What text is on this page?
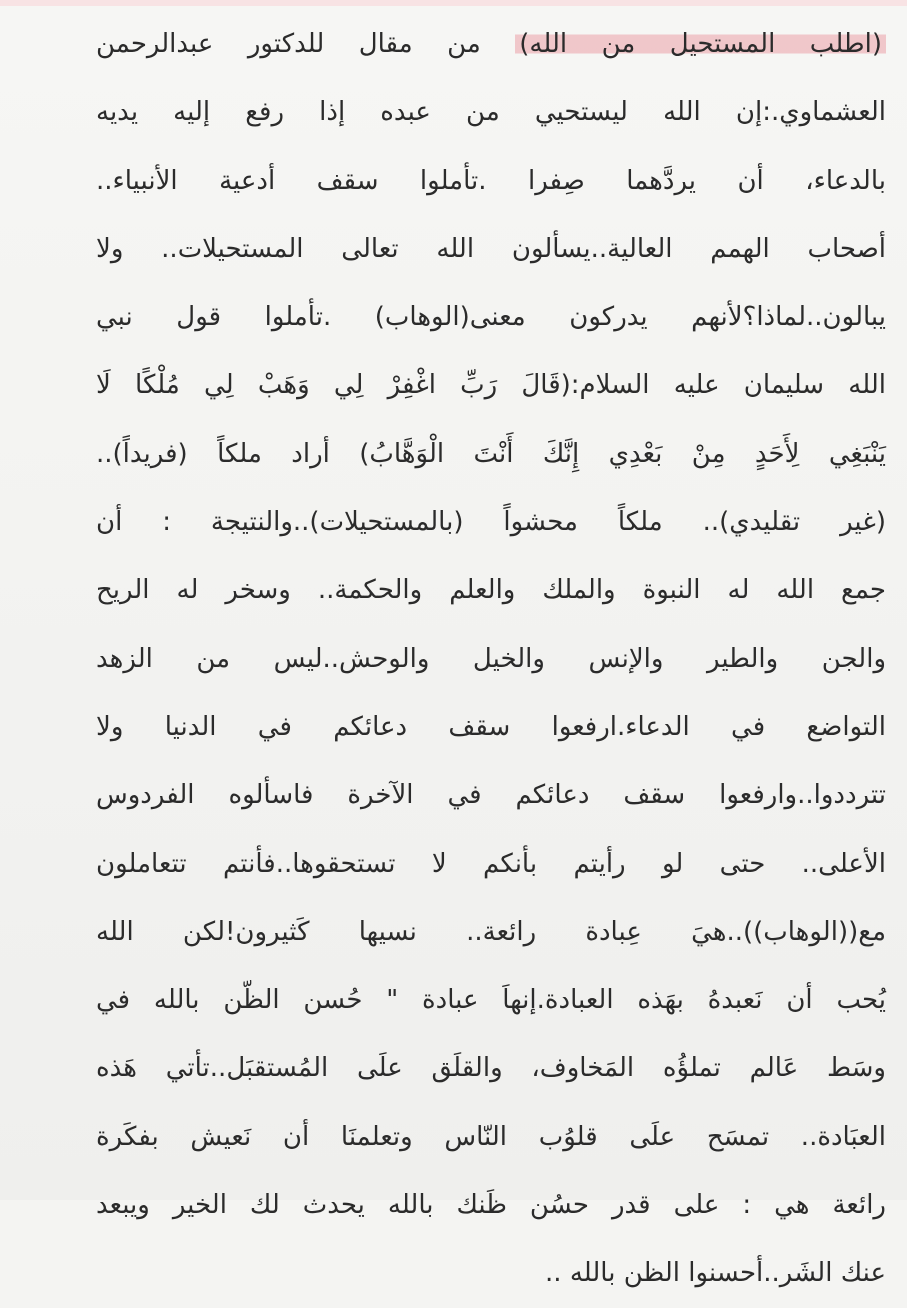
(اطلب المستحيل من الله) من مقال للدكتور عبدالرحمن
العشماوي.:إن الله ليستحيي من عبده إذا رفع إليه يديه
بالدعاء، أن يردَّهما صِفرا .تأملوا سقف أدعية الأنبياء..
أصحاب الهمم العالية..يسألون الله تعالى المستحيلات.. ولا
يبالون..لماذا؟لأنهم يدركون معنى(الوهاب) .تأملوا قول نبي
الله سليمان عليه السلام:(قَالَ رَبِّ اغْفِرْ لِي وَهَبْ لِي مُلْكًا لَا
يَنْبَغِي لِأَحَدٍ مِنْ بَعْدِي إِنَّكَ أَنْتَ الْوَهَّابُ) أراد ملكاً (فريداً)..
(غير تقليدي).. ملكاً محشواً (بالمستحيلات)..والنتيجة : أن
جمع الله له النبوة والملك والعلم والحكمة.. وسخر له الريح
والجن والطير والإنس والخيل والوحش..ليس من الزهد
التواضع في الدعاء.ارفعوا سقف دعائكم في الدنيا ولا
تترددوا..وارفعوا سقف دعائكم في الآخرة فاسألوه الفردوس
الأعلى.. حتى لو رأيتم بأنكم لا تستحقوها..فأنتم تتعاملون
مع((الوهاب))..هيَ عِبادة رائعة.. نسيها كَثيرون!لكن الله
يُحب أن نَعبدهُ بهَذه العبادة.إنهاَ عبادة " حُسن الظّن بالله في
وسَط عَالم تملؤُه المَخاوف، والقلَق علَى المُستقبَل..تأتي هَذه
العبَادة.. تمسَح علَى قلوُب النّاس وتعلمنَا أن نَعيش بفكَرة
رائعة هي : على قدر حسُن ظَنك بالله يحدث لك الخير ويبعد
عنك الشَر..أحسنوا الظن بالله ..
